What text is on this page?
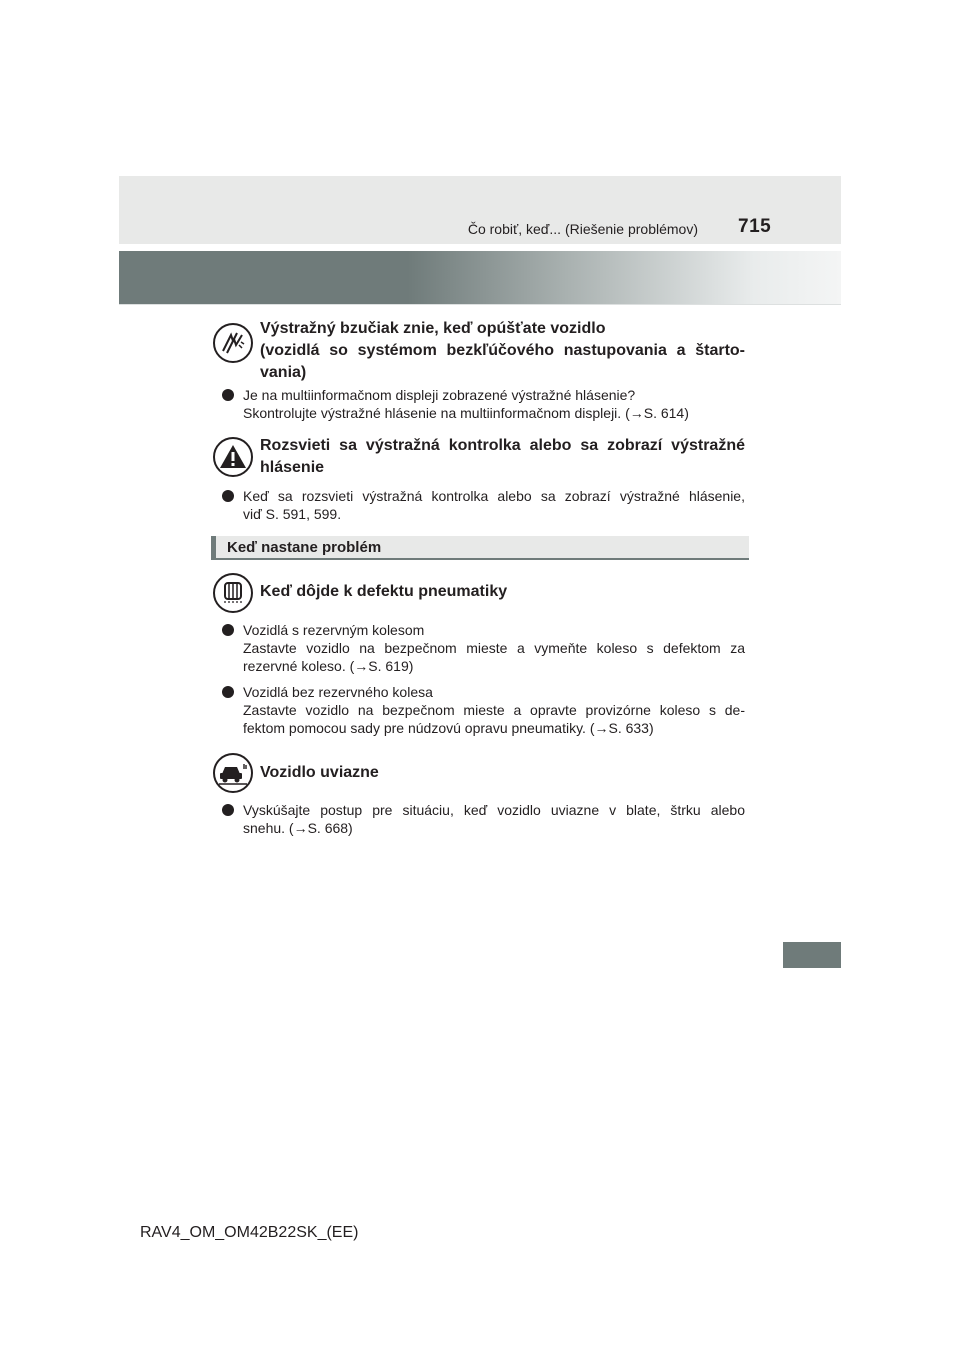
Čo robiť, keď... (Riešenie problémov) 715
Výstražný bzučiak znie, keď opúšťate vozidlo
(vozidlá so systémom bezkľúčového nastupovania a štarto-
vania)
Je na multiinformačnom displeji zobrazené výstražné hlásenie?
Skontrolujte výstražné hlásenie na multiinformačnom displeji. (→S. 614)
Rozsvieti sa výstražná kontrolka alebo sa zobrazí výstražné
hlásenie
Keď sa rozsvieti výstražná kontrolka alebo sa zobrazí výstražné hlásenie,
viď S. 591, 599.
Keď nastane problém
Keď dôjde k defektu pneumatiky
Vozidlá s rezervným kolesom
Zastavte vozidlo na bezpečnom mieste a vymeňte koleso s defektom za
rezervné koleso. (→S. 619)
Vozidlá bez rezervného kolesa
Zastavte vozidlo na bezpečnom mieste a opravte provizórne koleso s de-
fektom pomocou sady pre núdzovú opravu pneumatiky. (→S. 633)
Vozidlo uviazne
Vyskúšajte postup pre situáciu, keď vozidlo uviazne v blate, štrku alebo
snehu. (→S. 668)
RAV4_OM_OM42B22SK_(EE)
